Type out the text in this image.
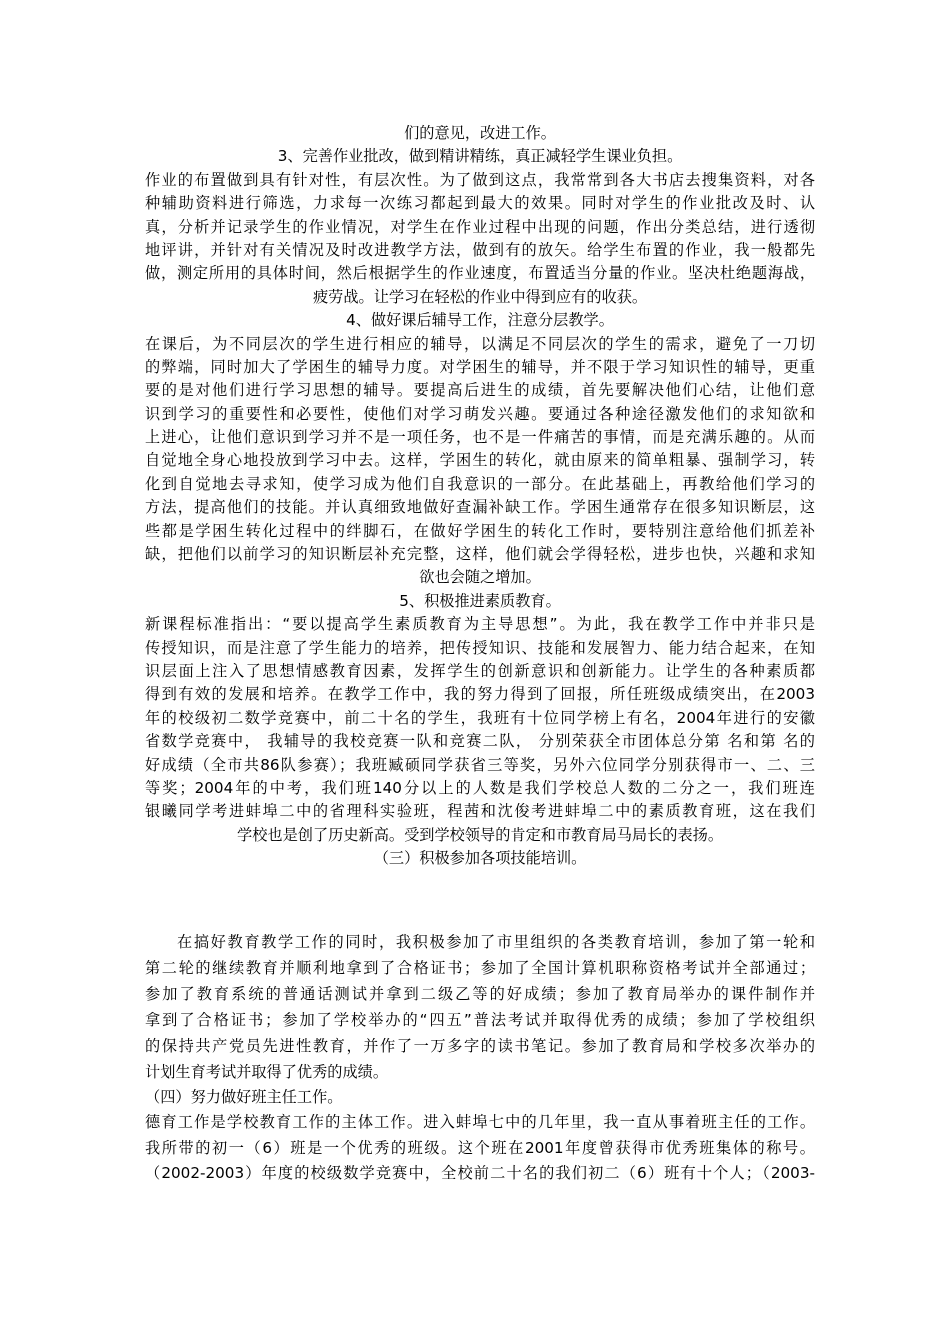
们的意见，改进工作。
3、完善作业批改，做到精讲精练，真正减轻学生课业负担。
作业的布置做到具有针对性，有层次性。为了做到这点，我常常到各大书店去搜集资料，对各
种辅助资料进行筛选，力求每一次练习都起到最大的效果。同时对学生的作业批改及时、认
真，分析并记录学生的作业情况，对学生在作业过程中出现的问题，作出分类总结，进行透彻
地评讲，并针对有关情况及时改进教学方法，做到有的放矢。给学生布置的作业，我一般都先
做，测定所用的具体时间，然后根据学生的作业速度，布置适当分量的作业。坚决杜绝题海战，
疲劳战。让学习在轻松的作业中得到应有的收获。
4、做好课后辅导工作，注意分层教学。
在课后，为不同层次的学生进行相应的辅导，以满足不同层次的学生的需求，避免了一刀切
的弊端，同时加大了学困生的辅导力度。对学困生的辅导，并不限于学习知识性的辅导，更重
要的是对他们进行学习思想的辅导。要提高后进生的成绩，首先要解决他们心结，让他们意
识到学习的重要性和必要性，使他们对学习萌发兴趣。要通过各种途径激发他们的求知欲和
上进心，让他们意识到学习并不是一项任务，也不是一件痛苦的事情，而是充满乐趣的。从而
自觉地全身心地投放到学习中去。这样，学困生的转化，就由原来的简单粗暴、强制学习，转
化到自觉地去寻求知，使学习成为他们自我意识的一部分。在此基础上，再教给他们学习的
方法，提高他们的技能。并认真细致地做好查漏补缺工作。学困生通常存在很多知识断层，这
些都是学困生转化过程中的绊脚石，在做好学困生的转化工作时，要特别注意给他们抓差补
缺，把他们以前学习的知识断层补充完整，这样，他们就会学得轻松，进步也快，兴趣和求知
欲也会随之增加。
5、积极推进素质教育。
新课程标准指出：“要以提高学生素质教育为主导思想”。为此，我在教学工作中并非只是
传授知识，而是注意了学生能力的培养，把传授知识、技能和发展智力、能力结合起来，在知
识层面上注入了思想情感教育因素，发挥学生的创新意识和创新能力。让学生的各种素质都
得到有效的发展和培养。在教学工作中，我的努力得到了回报，所任班级成绩突出，在2003
年的校级初二数学竞赛中，前二十名的学生，我班有十位同学榜上有名，2004年进行的安徽
省数学竞赛中， 我辅导的我校竞赛一队和竞赛二队， 分别荣获全市团体总分第 名和第 名的
好成绩（全市共86队参赛）；我班臧硕同学获省三等奖，另外六位同学分别获得市一、二、三
等奖；2004年的中考，我们班140分以上的人数是我们学校总人数的二分之一，我们班连
银曦同学考进蚌埠二中的省理科实验班，程茜和沈俊考进蚌埠二中的素质教育班，这在我们
学校也是创了历史新高。受到学校领导的肯定和市教育局马局长的表扬。
（三）积极参加各项技能培训。
在搞好教育教学工作的同时，我积极参加了市里组织的各类教育培训，参加了第一轮和
第二轮的继续教育并顺利地拿到了合格证书；参加了全国计算机职称资格考试并全部通过；
参加了教育系统的普通话测试并拿到二级乙等的好成绩；参加了教育局举办的课件制作并
拿到了合格证书；参加了学校举办的“四五”普法考试并取得优秀的成绩；参加了学校组织
的保持共产党员先进性教育，并作了一万多字的读书笔记。参加了教育局和学校多次举办的
计划生育考试并取得了优秀的成绩。
（四）努力做好班主任工作。
德育工作是学校教育工作的主体工作。进入蚌埠七中的几年里，我一直从事着班主任的工作。
我所带的初一（6）班是一个优秀的班级。这个班在2001年度曾获得市优秀班集体的称号。
（2002-2003）年度的校级数学竞赛中，全校前二十名的我们初二（6）班有十个人；（2003-
